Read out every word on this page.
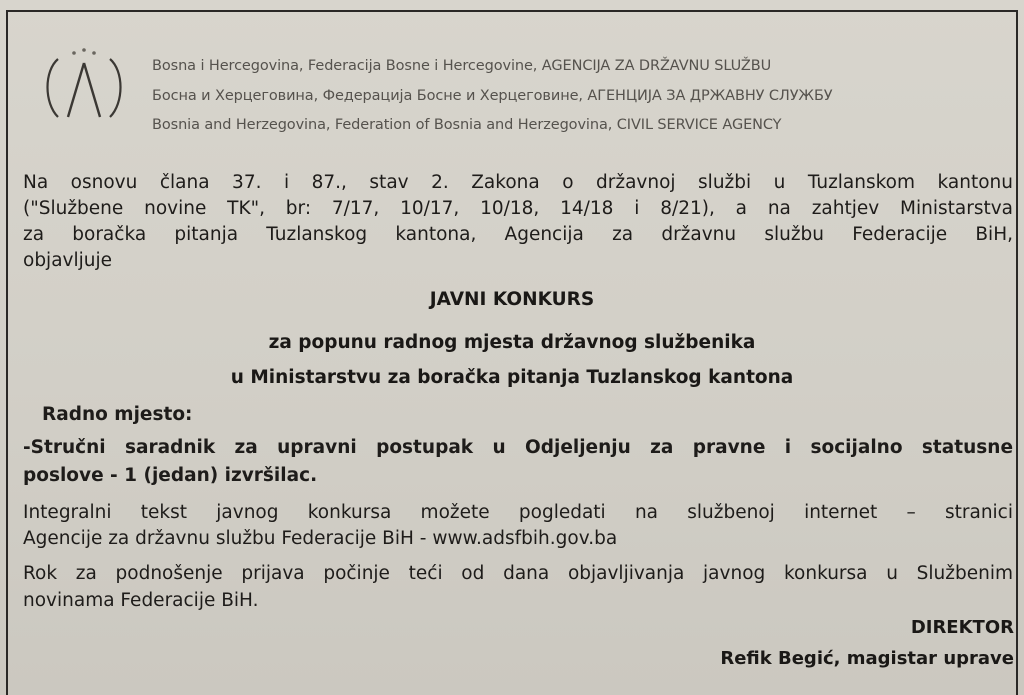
Bosna i Hercegovina, Federacija Bosne i Hercegovine, AGENCIJA ZA DRŽAVNU SLUŽBU
Босна и Херцеговина, Федерација Босне и Херцеговине, АГЕНЦИЈА ЗА ДРЖАВНУ СЛУЖБУ
Bosnia and Herzegovina, Federation of Bosnia and Herzegovina, CIVIL SERVICE AGENCY
Na osnovu člana 37. i 87., stav 2. Zakona o državnoj službi u Tuzlanskom kantonu
("Službene novine TK", br: 7/17, 10/17, 10/18, 14/18 i 8/21), a na zahtjev Ministarstva
za boračka pitanja Tuzlanskog kantona, Agencija za državnu službu Federacije BiH,
objavljuje
JAVNI KONKURS
za popunu radnog mjesta državnog službenika
u Ministarstvu za boračka pitanja Tuzlanskog kantona
Radno mjesto:
-Stručni saradnik za upravni postupak u Odjeljenju za pravne i socijalno statusne
poslove - 1 (jedan) izvršilac.
Integralni tekst javnog konkursa možete pogledati na službenoj internet – stranici
Agencije za državnu službu Federacije BiH - www.adsfbih.gov.ba
Rok za podnošenje prijava počinje teći od dana objavljivanja javnog konkursa u Službenim
novinama Federacije BiH.
DIREKTOR
Refik Begić, magistar uprave
